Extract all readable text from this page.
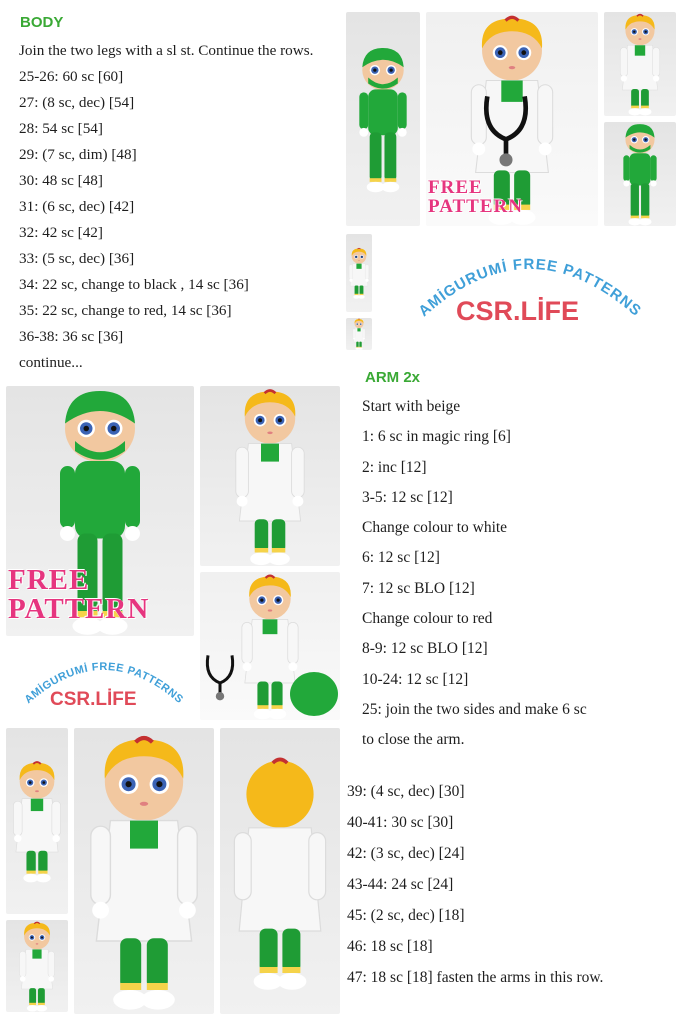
BODY
Join the two legs with a sl st. Continue the rows.
25-26: 60 sc [60]
27: (8 sc, dec) [54]
28: 54 sc [54]
29: (7 sc, dim) [48]
30: 48 sc [48]
31: (6 sc, dec) [42]
32: 42 sc [42]
33: (5 sc, dec) [36]
34: 22 sc, change to black , 14 sc [36]
35: 22 sc, change to red, 14 sc [36]
36-38: 36 sc [36]
continue...
FREE
PATTERN
AMİGURUMİ FREE PATTERNS
CSR.LİFE
FREE
PATTERN
AMİGURUMİ FREE PATTERNS
CSR.LİFE
ARM 2x
Start with beige
1: 6 sc in magic ring [6]
2: inc [12]
3-5: 12 sc [12]
Change colour to white
6: 12 sc [12]
7: 12 sc BLO [12]
Change colour to red
8-9: 12 sc BLO [12]
10-24: 12 sc [12]
25: join the two sides and make 6 sc
to close the arm.
39: (4 sc, dec) [30]
40-41: 30 sc [30]
42: (3 sc, dec) [24]
43-44: 24 sc [24]
45: (2 sc, dec) [18]
46: 18 sc [18]
47: 18 sc [18] fasten the arms in this row.
